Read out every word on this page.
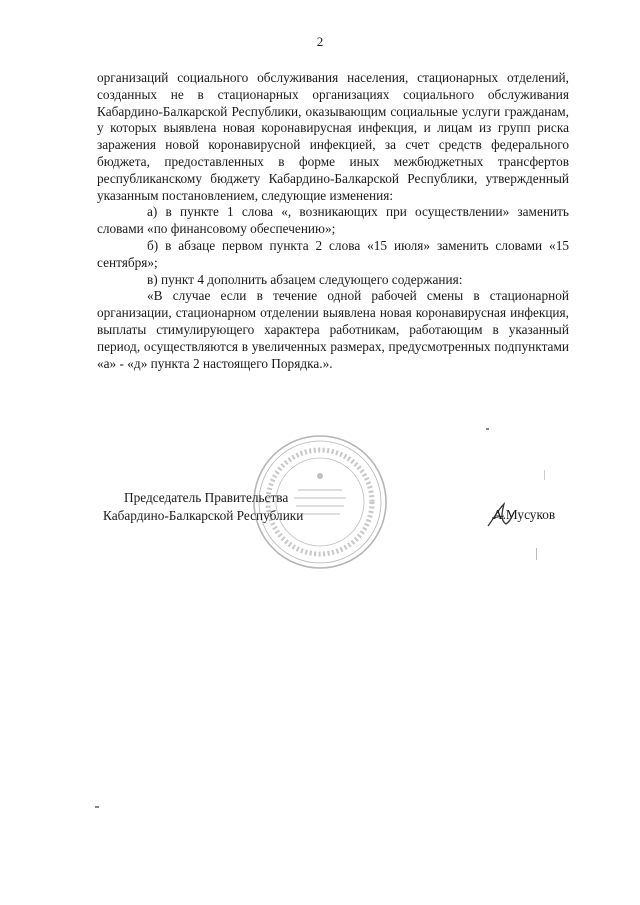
2

организаций социального обслуживания населения, стационарных отделений, созданных не в стационарных организациях социального обслуживания Кабардино-Балкарской Республики, оказывающим социальные услуги гражданам, у которых выявлена новая коронавирусная инфекция, и лицам из групп риска заражения новой коронавирусной инфекцией, за счет средств федерального бюджета, предоставленных в форме иных межбюджетных трансфертов республиканскому бюджету Кабардино-Балкарской Республики, утвержденный указанным постановлением, следующие изменения:

а) в пункте 1 слова «, возникающих при осуществлении» заменить словами «по финансовому обеспечению»;

б) в абзаце первом пункта 2 слова «15 июля» заменить словами «15 сентября»;

в) пункт 4 дополнить абзацем следующего содержания:

«В случае если в течение одной рабочей смены в стационарной организации, стационарном отделении выявлена новая коронавирусная инфекция, выплаты стимулирующего характера работникам, работающим в указанный период, осуществляются в увеличенных размерах, предусмотренных подпунктами «а» - «д» пункта 2 настоящего Порядка.».

Председатель Правительства
Кабардино-Балкарской Республики	А.Мусуков
